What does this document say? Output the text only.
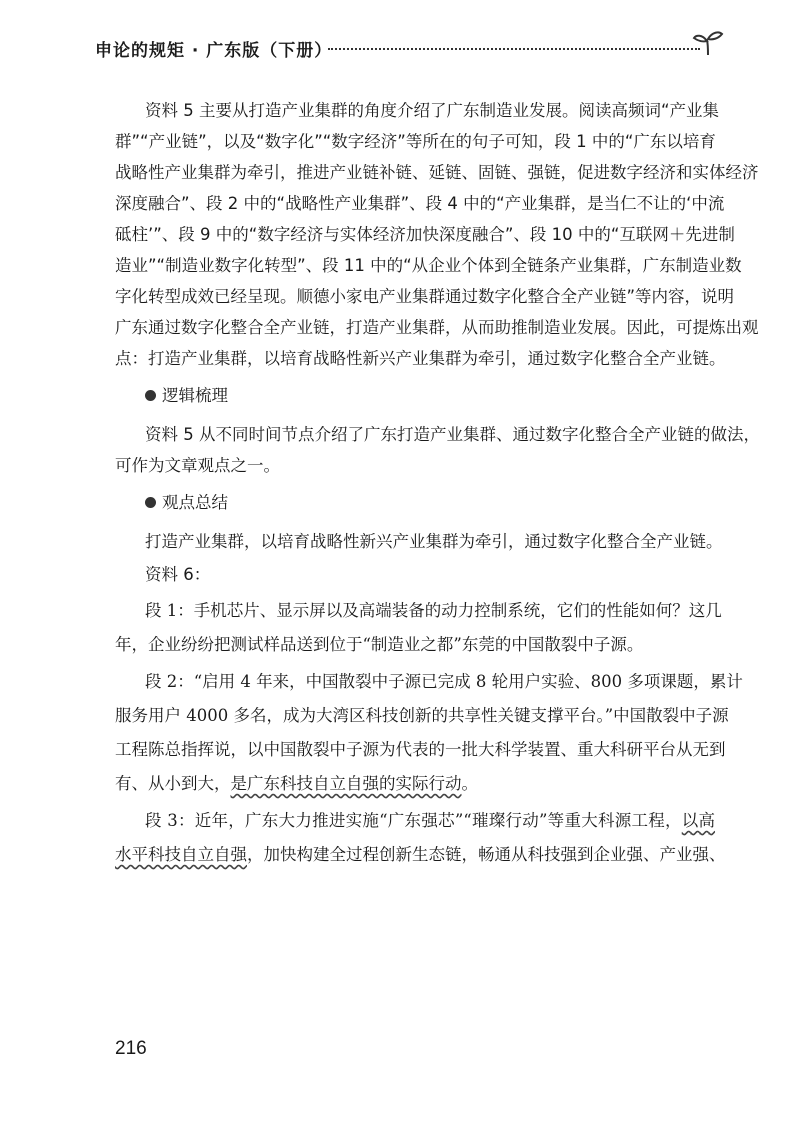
申论的规矩 · 广东版（下册）
资料 5 主要从打造产业集群的角度介绍了广东制造业发展。阅读高频词“产业集
群”“产业链”，以及“数字化”“数字经济”等所在的句子可知，段 1 中的“广东以培育
战略性产业集群为牵引，推进产业链补链、延链、固链、强链，促进数字经济和实体经济
深度融合”、段 2 中的“战略性产业集群”、段 4 中的“产业集群，是当仁不让的‘中流
砥柱’”、段 9 中的“数字经济与实体经济加快深度融合”、段 10 中的“互联网＋先进制
造业”“制造业数字化转型”、段 11 中的“从企业个体到全链条产业集群，广东制造业数
字化转型成效已经呈现。顺德小家电产业集群通过数字化整合全产业链”等内容，说明
广东通过数字化整合全产业链，打造产业集群，从而助推制造业发展。因此，可提炼出观
点：打造产业集群，以培育战略性新兴产业集群为牵引，通过数字化整合全产业链。
逻辑梳理
资料 5 从不同时间节点介绍了广东打造产业集群、通过数字化整合全产业链的做法，
可作为文章观点之一。
观点总结
打造产业集群，以培育战略性新兴产业集群为牵引，通过数字化整合全产业链。
资料 6：
段 1：手机芯片、显示屏以及高端装备的动力控制系统，它们的性能如何？这几
年，企业纷纷把测试样品送到位于“制造业之都”东莞的中国散裂中子源。
段 2：“启用 4 年来，中国散裂中子源已完成 8 轮用户实验、800 多项课题，累计
服务用户 4000 多名，成为大湾区科技创新的共享性关键支撑平台。”中国散裂中子源
工程陈总指挥说，以中国散裂中子源为代表的一批大科学装置、重大科研平台从无到
有、从小到大，是广东科技自立自强的实际行动。
段 3：近年，广东大力推进实施“广东强芯”“璀璨行动”等重大科源工程，以高
水平科技自立自强，加快构建全过程创新生态链，畅通从科技强到企业强、产业强、
216
